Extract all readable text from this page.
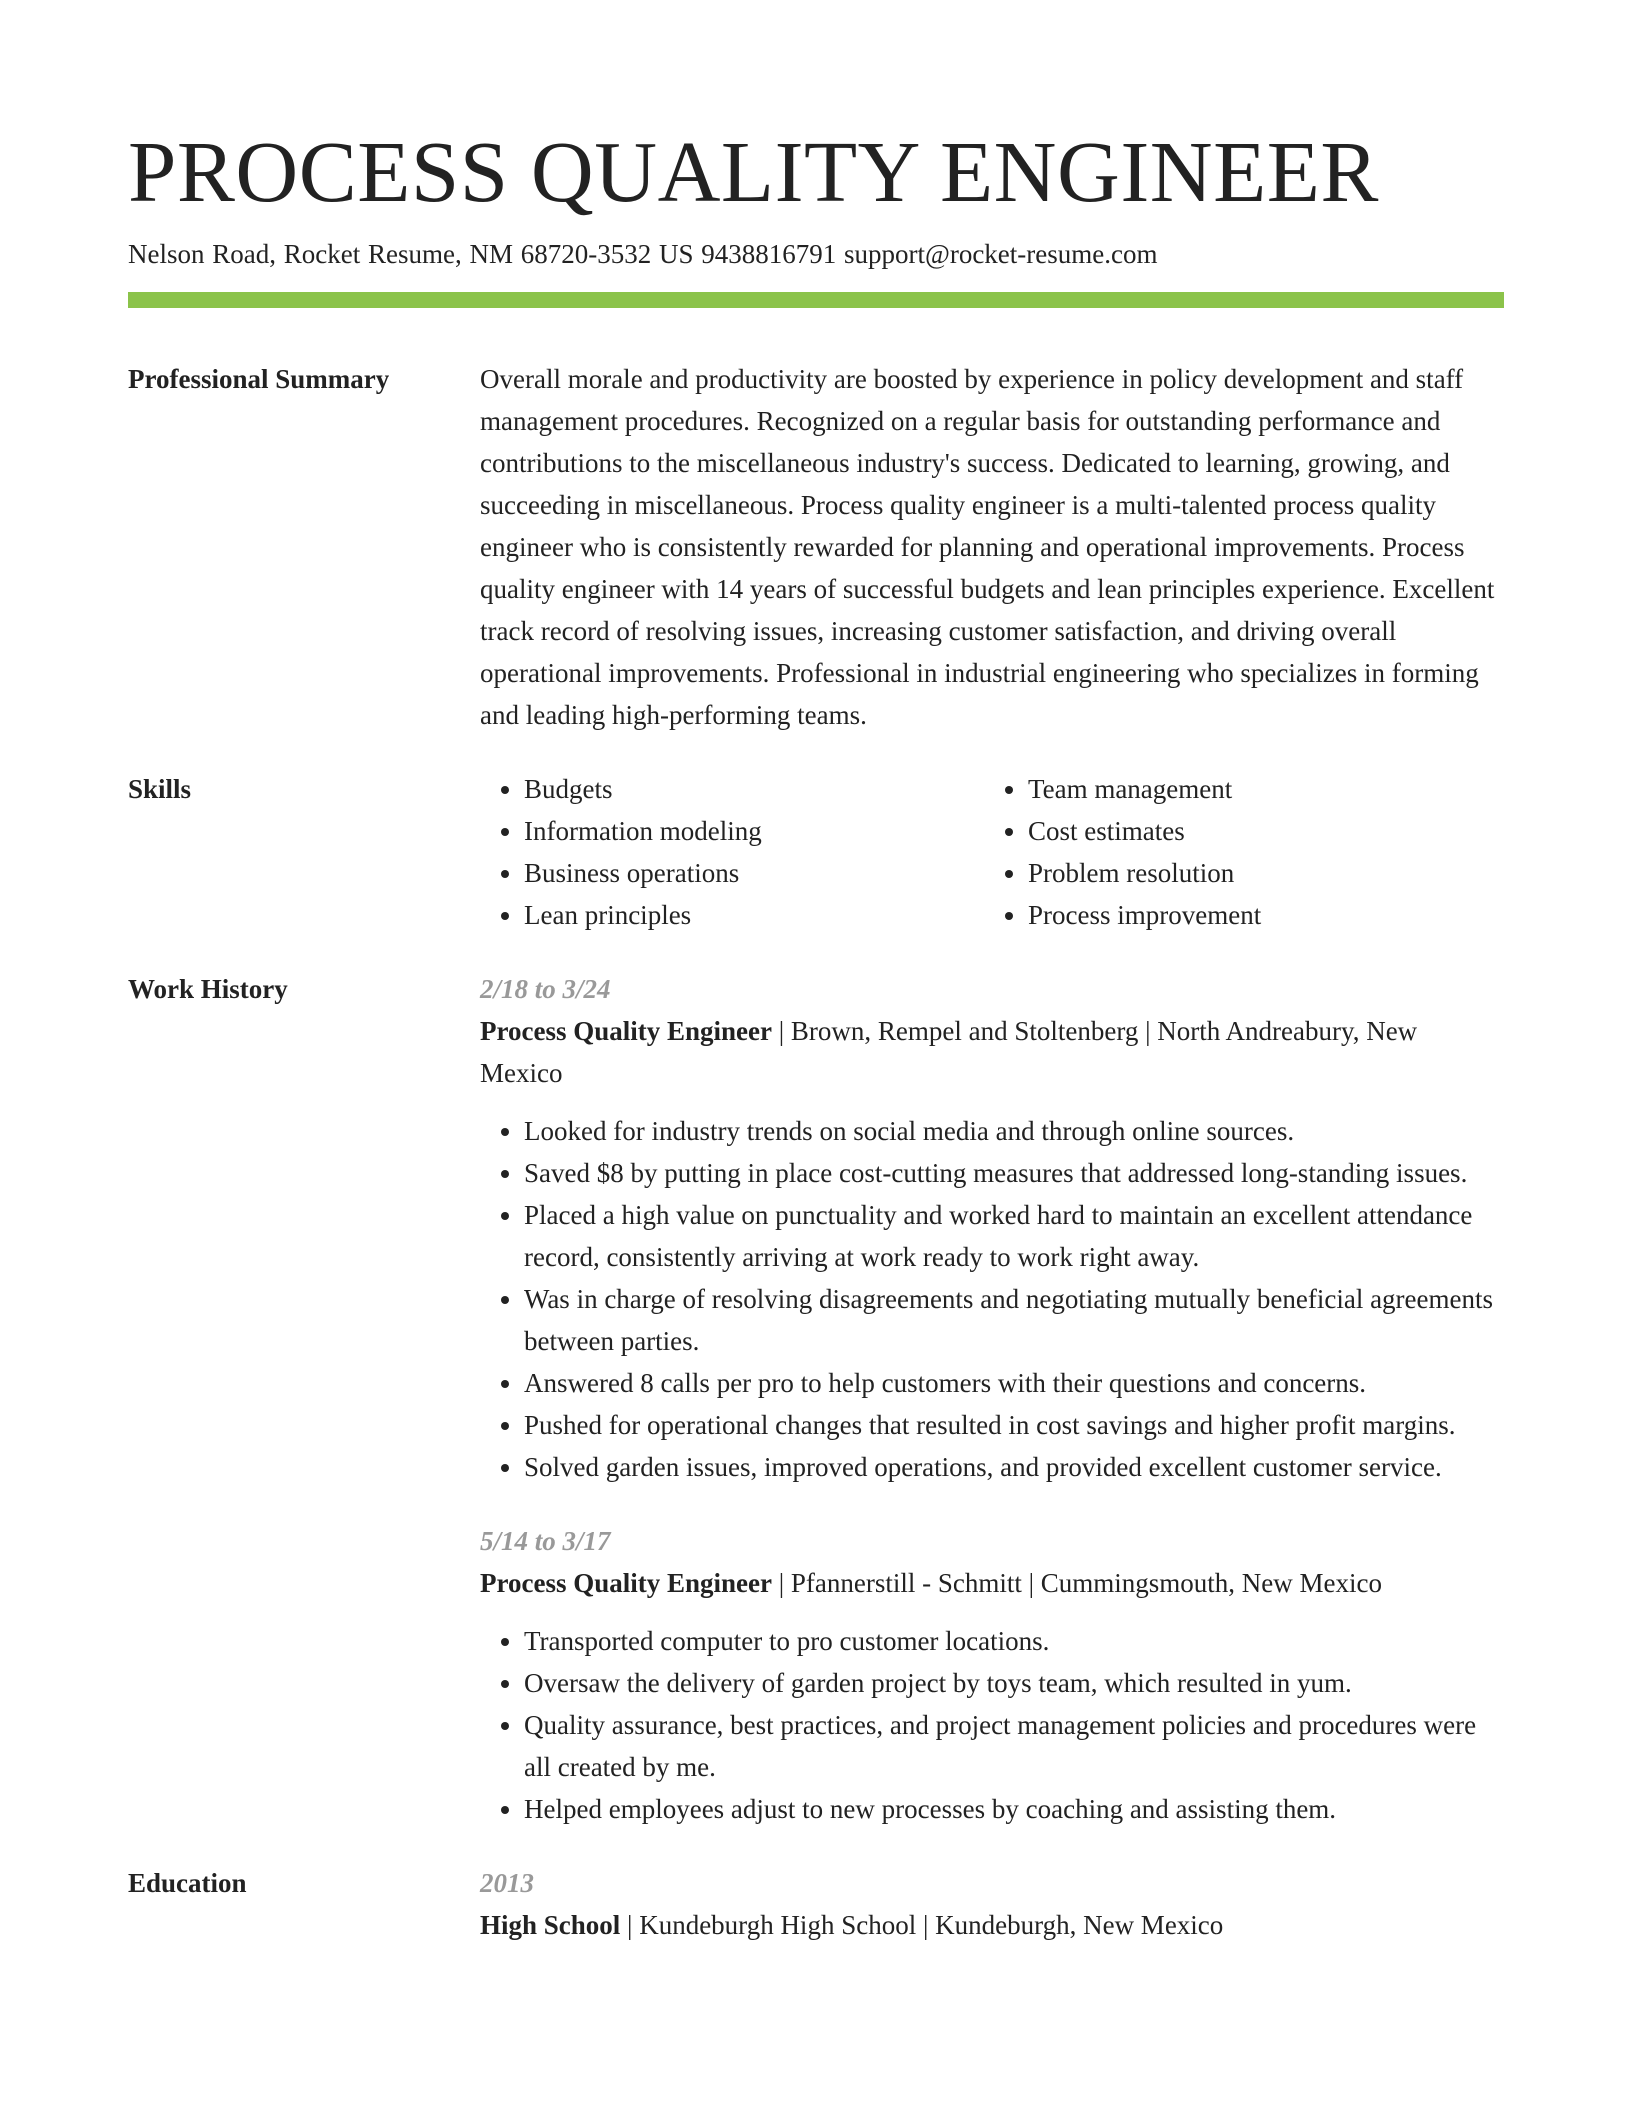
PROCESS QUALITY ENGINEER
Nelson Road, Rocket Resume, NM 68720-3532 US 9438816791 support@rocket-resume.com
Professional Summary	Overall morale and productivity are boosted by experience in policy development and staff management procedures. Recognized on a regular basis for outstanding performance and contributions to the miscellaneous industry's success. Dedicated to learning, growing, and succeeding in miscellaneous. Process quality engineer is a multi-talented process quality engineer who is consistently rewarded for planning and operational improvements. Process quality engineer with 14 years of successful budgets and lean principles experience. Excellent track record of resolving issues, increasing customer satisfaction, and driving overall operational improvements. Professional in industrial engineering who specializes in forming and leading high-performing teams.
Skills
•	Budgets
• Information modeling
• Business operations
• Lean principles
• Team management
• Cost estimates
• Problem resolution
• Process improvement
Work History	2/18 to 3/24
Process Quality Engineer | Brown, Rempel and Stoltenberg | North Andreabury, New Mexico
• Looked for industry trends on social media and through online sources.
• Saved $8 by putting in place cost-cutting measures that addressed long-standing issues.
• Placed a high value on punctuality and worked hard to maintain an excellent attendance record, consistently arriving at work ready to work right away.
• Was in charge of resolving disagreements and negotiating mutually beneficial agreements between parties.
• Answered 8 calls per pro to help customers with their questions and concerns.
• Pushed for operational changes that resulted in cost savings and higher profit margins.
• Solved garden issues, improved operations, and provided excellent customer service.
5/14 to 3/17
Process Quality Engineer | Pfannerstill - Schmitt | Cummingsmouth, New Mexico
• Transported computer to pro customer locations.
• Oversaw the delivery of garden project by toys team, which resulted in yum.
• Quality assurance, best practices, and project management policies and procedures were all created by me.
• Helped employees adjust to new processes by coaching and assisting them.
Education	2013
High School | Kundeburgh High School | Kundeburgh, New Mexico
